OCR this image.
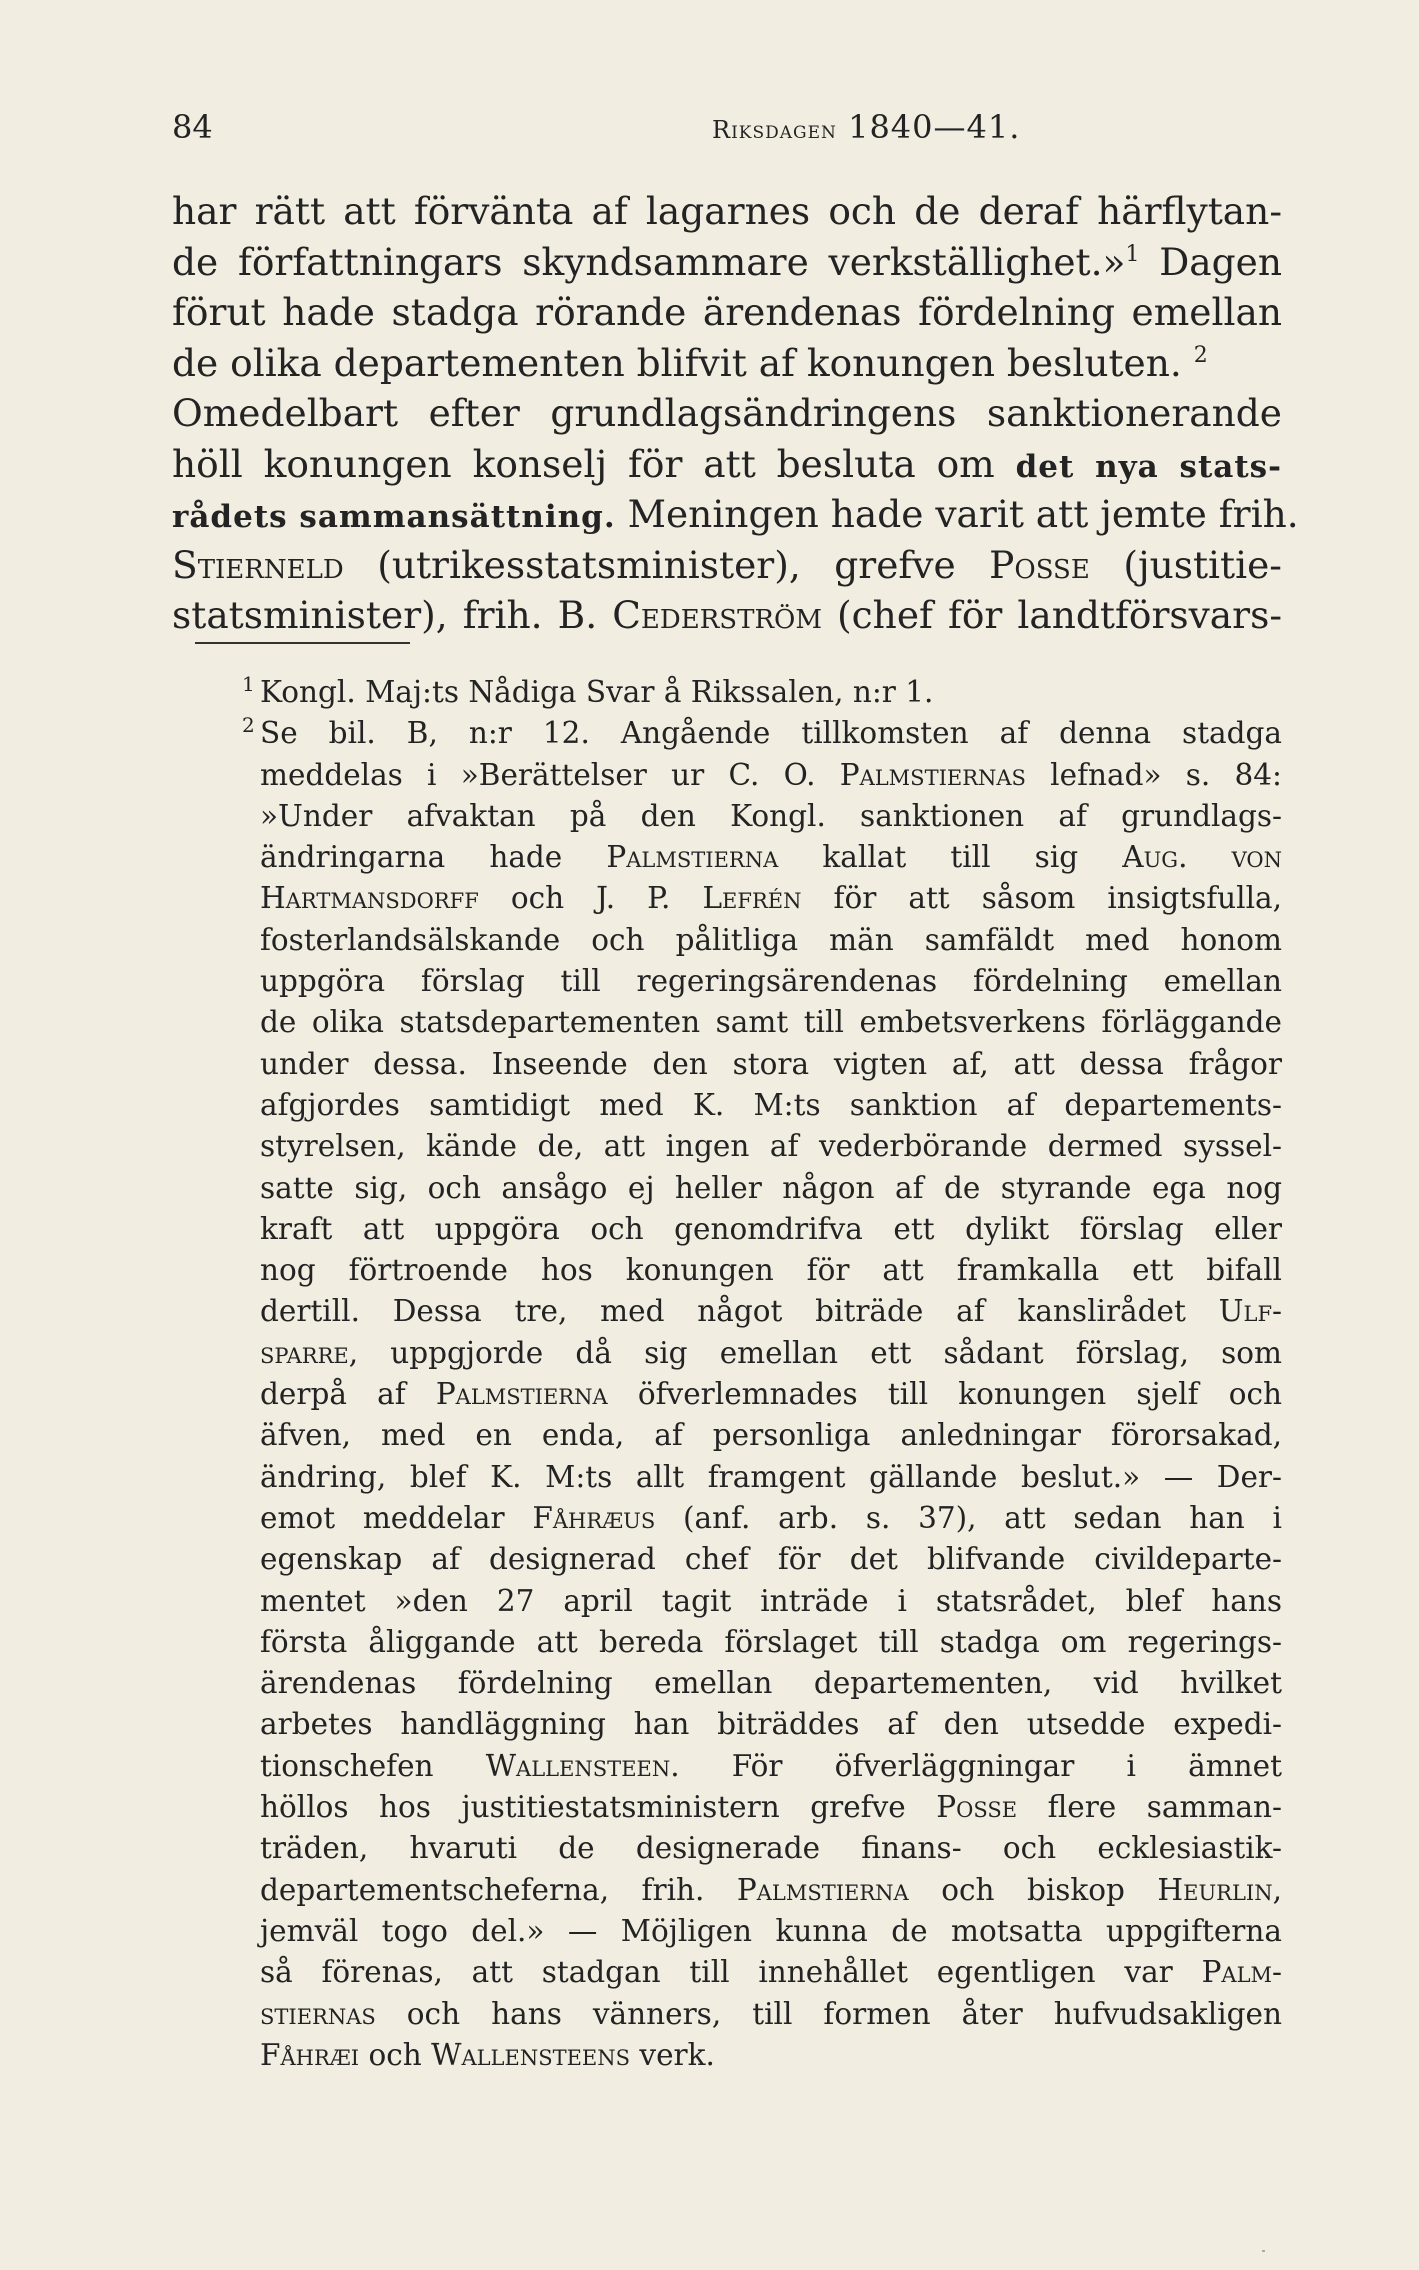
84	Riksdagen 1840—41.
har rätt att förvänta af lagarnes och de deraf härflytan-
de författningars skyndsammare verkställighet.»$^1$ Dagen
förut hade stadga rörande ärendenas fördelning emellan
de olika departementen blifvit af konungen besluten. $^2$
Omedelbart efter grundlagsändringens sanktionerande
höll konungen konselj för att besluta om det nya stats-
rådets sammansättning. Meningen hade varit att jemte frih.
Stierneld (utrikesstatsminister), grefve Posse (justitie-
statsminister), frih. B. Cederström (chef för landtförsvars-
1 Kongl. Maj:ts Nådiga Svar å Rikssalen, n:r 1.
2 Se bil. B, n:r 12. Angående tillkomsten af denna stadga
meddelas i »Berättelser ur C. O. Palmstiernas lefnad» s. 84:
»Under afvaktan på den Kongl. sanktionen af grundlags-
ändringarna hade Palmstierna kallat till sig Aug. von
Hartmansdorff och J. P. Lefrén för att såsom insigtsfulla,
fosterlandsälskande och pålitliga män samfäldt med honom
uppgöra förslag till regeringsärendenas fördelning emellan
de olika statsdepartementen samt till embetsverkens förläggande
under dessa. Inseende den stora vigten af, att dessa frågor
afgjordes samtidigt med K. M:ts sanktion af departements-
styrelsen, kände de, att ingen af vederbörande dermed syssel-
satte sig, och ansågo ej heller någon af de styrande ega nog
kraft att uppgöra och genomdrifva ett dylikt förslag eller
nog förtroende hos konungen för att framkalla ett bifall
dertill. Dessa tre, med något biträde af kanslirådet Ulf-
sparre, uppgjorde då sig emellan ett sådant förslag, som
derpå af Palmstierna öfverlemnades till konungen sjelf och
äfven, med en enda, af personliga anledningar förorsakad,
ändring, blef K. M:ts allt framgent gällande beslut.» — Der-
emot meddelar Fåhræus (anf. arb. s. 37), att sedan han i
egenskap af designerad chef för det blifvande civildeparte-
mentet »den 27 april tagit inträde i statsrådet, blef hans
första åliggande att bereda förslaget till stadga om regerings-
ärendenas fördelning emellan departementen, vid hvilket
arbetes handläggning han biträddes af den utsedde expedi-
tionschefen Wallensteen. För öfverläggningar i ämnet
höllos hos justitiestatsministern grefve Posse flere samman-
träden, hvaruti de designerade finans- och ecklesiastik-
departementscheferna, frih. Palmstierna och biskop Heurlin,
jemväl togo del.» — Möjligen kunna de motsatta uppgifterna
så förenas, att stadgan till innehållet egentligen var Palm-
stiernas och hans vänners, till formen åter hufvudsakligen
Fåhræi och Wallensteens verk.
